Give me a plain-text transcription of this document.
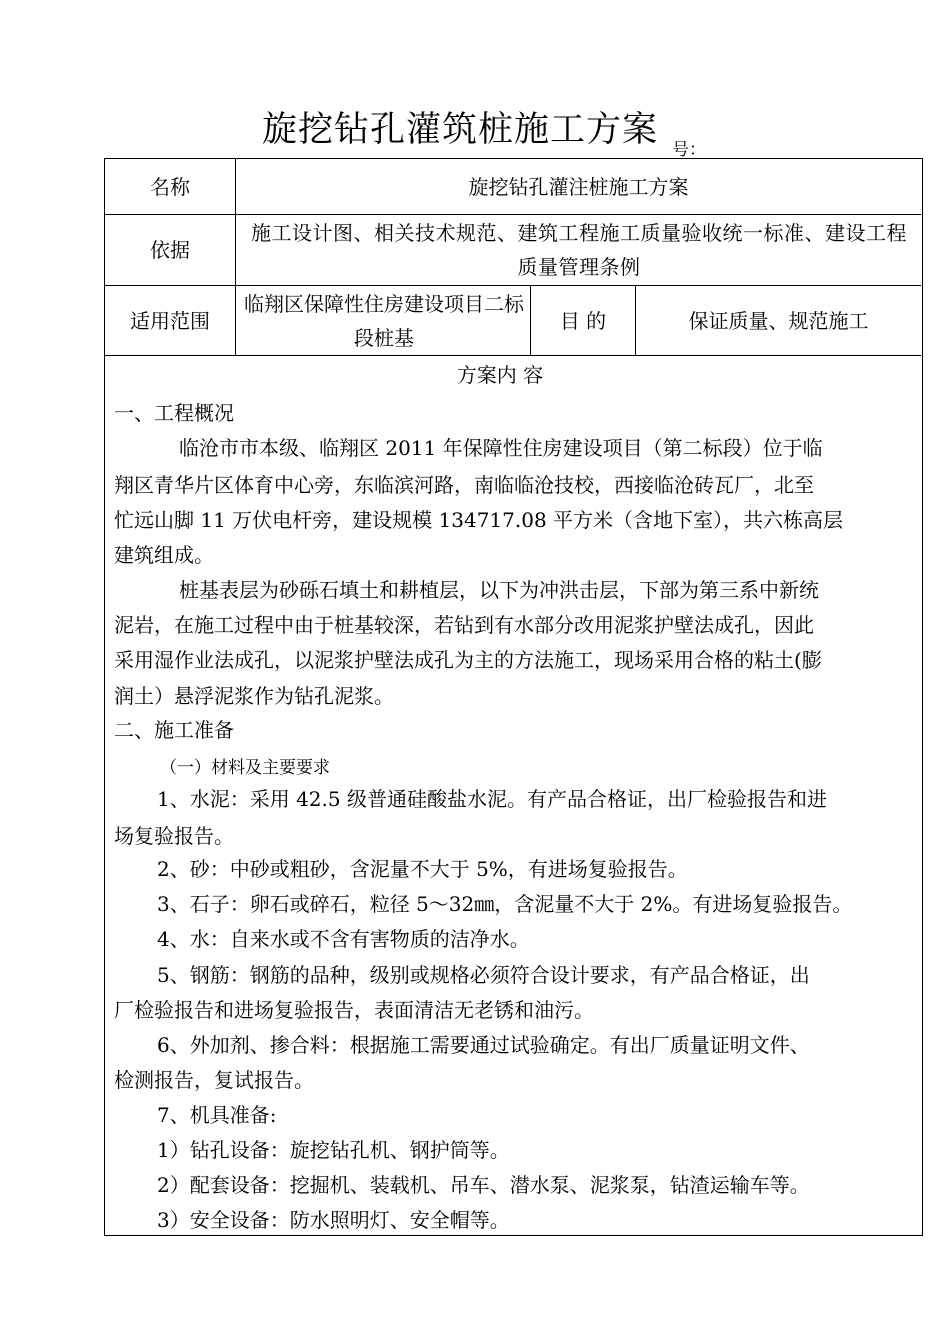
旋挖钻孔灌筑桩施工方案 号：
名称	旋挖钻孔灌注桩施工方案
依据
施工设计图、相关技术规范、建筑工程施工质量验收统一标准、建设工程质量管理条例
适用范围
临翔区保障性住房建设项目二标段桩基
目 的	保证质量、规范施工
方案内 容
一、工程概况
临沧市市本级、临翔区 2011 年保障性住房建设项目（第二标段）位于临
翔区青华片区体育中心旁，东临滨河路，南临临沧技校，西接临沧砖瓦厂，北至
忙远山脚 11 万伏电杆旁，建设规模 134717.08 平方米（含地下室），共六栋高层
建筑组成。
桩基表层为砂砾石填土和耕植层，以下为冲洪击层，下部为第三系中新统
泥岩，在施工过程中由于桩基较深，若钻到有水部分改用泥浆护壁法成孔，因此
采用湿作业法成孔，以泥浆护壁法成孔为主的方法施工，现场采用合格的粘土(膨
润土）悬浮泥浆作为钻孔泥浆。
二、施工准备
（一）材料及主要要求
1、水泥：采用 42.5 级普通硅酸盐水泥。有产品合格证，出厂检验报告和进
场复验报告。
2、砂：中砂或粗砂，含泥量不大于 5%，有进场复验报告。
3、石子：卵石或碎石，粒径 5～32㎜，含泥量不大于 2%。有进场复验报告。
4、水：自来水或不含有害物质的洁净水。
5、钢筋：钢筋的品种，级别或规格必须符合设计要求，有产品合格证，出
厂检验报告和进场复验报告，表面清洁无老锈和油污。
6、外加剂、掺合料：根据施工需要通过试验确定。有出厂质量证明文件、
检测报告，复试报告。
7、机具准备:
1）钻孔设备：旋挖钻孔机、钢护筒等。
2）配套设备：挖掘机、装载机、吊车、潜水泵、泥浆泵，钻渣运输车等。
3）安全设备：防水照明灯、安全帽等。
